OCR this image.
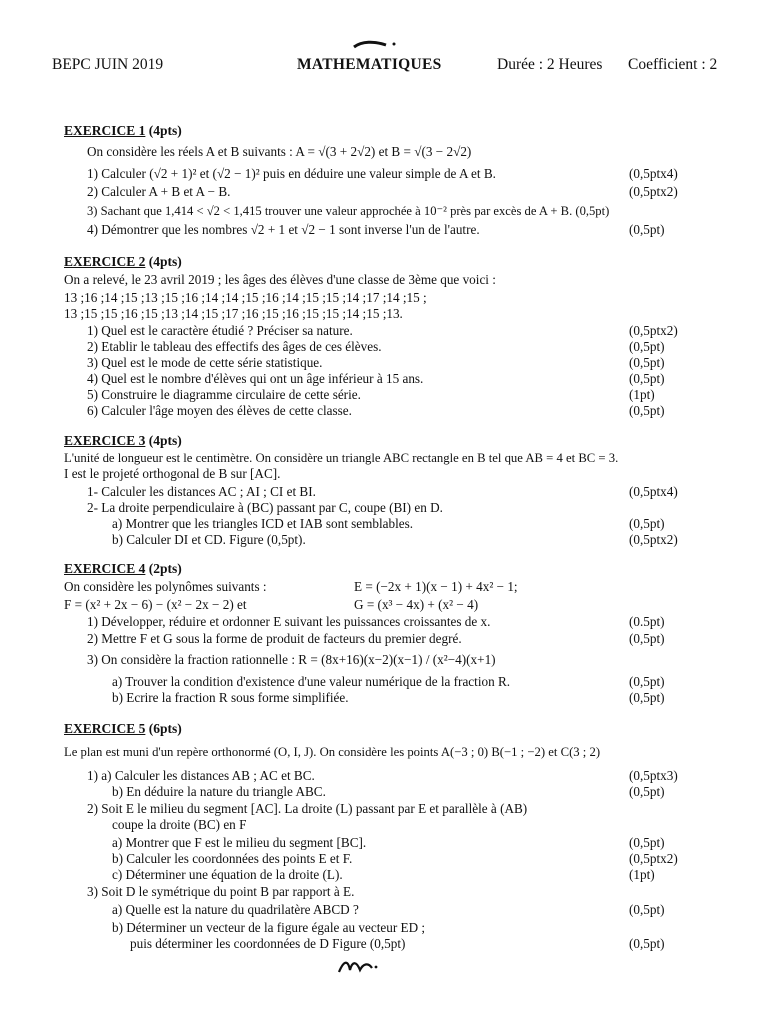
BEPC JUIN 2019	MATHEMATIQUES	Durée : 2 Heures Coefficient : 2
EXERCICE 1 (4pts)
On considère les réels A et B suivants : A = √(3 + 2√2) et B = √(3 − 2√2)
1) Calculer (√2 + 1)² et (√2 − 1)² puis en déduire une valeur simple de A et B.	(0,5ptx4)
2) Calculer A + B et A − B.	(0,5ptx2)
3) Sachant que 1,414 < √2 < 1,415 trouver une valeur approchée à 10⁻² près par excès de A + B. (0,5pt)
4) Démontrer que les nombres √2 + 1 et √2 − 1 sont inverse l'un de l'autre.	(0,5pt)
EXERCICE 2 (4pts)
On a relevé, le 23 avril 2019 ; les âges des élèves d'une classe de 3ème que voici :
13 ;16 ;14 ;15 ;13 ;15 ;16 ;14 ;14 ;15 ;16 ;14 ;15 ;15 ;14 ;17 ;14 ;15 ;
13 ;15 ;15 ;16 ;15 ;13 ;14 ;15 ;17 ;16 ;15 ;16 ;15 ;15 ;14 ;15 ;13.
1) Quel est le caractère étudié ? Préciser sa nature.	(0,5ptx2)
2) Etablir le tableau des effectifs des âges de ces élèves.	(0,5pt)
3) Quel est le mode de cette série statistique.	(0,5pt)
4) Quel est le nombre d'élèves qui ont un âge inférieur à 15 ans.	(0,5pt)
5) Construire le diagramme circulaire de cette série.	(1pt)
6) Calculer l'âge moyen des élèves de cette classe.	(0,5pt)
EXERCICE 3 (4pts)
L'unité de longueur est le centimètre. On considère un triangle ABC rectangle en B tel que AB = 4 et BC = 3.
I est le projeté orthogonal de B sur [AC].
1- Calculer les distances AC ; AI ; CI et BI.	(0,5ptx4)
2- La droite perpendiculaire à (BC) passant par C, coupe (BI) en D.
a) Montrer que les triangles ICD et IAB sont semblables.	(0,5pt)
b) Calculer DI et CD. Figure (0,5pt).	(0,5ptx2)
EXERCICE 4 (2pts)
On considère les polynômes suivants :	E = (−2x + 1)(x − 1) + 4x² − 1;
F = (x² + 2x − 6) − (x² − 2x − 2) et	G = (x³ − 4x) + (x² − 4)
1) Développer, réduire et ordonner E suivant les puissances croissantes de x.	(0.5pt)
2) Mettre F et G sous la forme de produit de facteurs du premier degré.	(0,5pt)
3) On considère la fraction rationnelle : R = (8x+16)(x−2)(x−1) / (x²−4)(x+1)
a) Trouver la condition d'existence d'une valeur numérique de la fraction R.	(0,5pt)
b) Ecrire la fraction R sous forme simplifiée.	(0,5pt)
EXERCICE 5 (6pts)
Le plan est muni d'un repère orthonormé (O, I, J). On considère les points A(−3 ; 0) B(−1 ; −2) et C(3 ; 2)
1) a) Calculer les distances AB ; AC et BC.	(0,5ptx3)
b) En déduire la nature du triangle ABC.	(0,5pt)
2) Soit E le milieu du segment [AC]. La droite (L) passant par E et parallèle à (AB)
coupe la droite (BC) en F
a) Montrer que F est le milieu du segment [BC].	(0,5pt)
b) Calculer les coordonnées des points E et F.	(0,5ptx2)
c) Déterminer une équation de la droite (L).	(1pt)
3) Soit D le symétrique du point B par rapport à E.
a) Quelle est la nature du quadrilatère ABCD ?	(0,5pt)
b) Déterminer un vecteur de la figure égale au vecteur ED ;
puis déterminer les coordonnées de D Figure (0,5pt)	(0,5pt)
